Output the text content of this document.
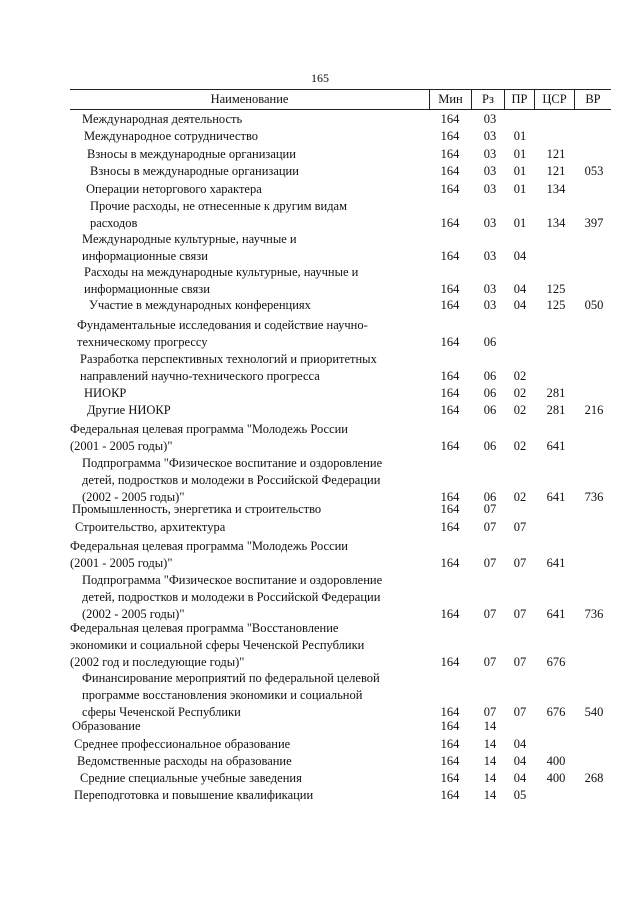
165
Наименование	Мин	Рз	ПР	ЦСР	ВР
Международная деятельность	164	03
Международное сотрудничество	164	03	01
Взносы в международные организации	164	03	01	121
Взносы в международные организации	164	03	01	121	053
Операции неторгового характера	164	03	01	134
Прочие расходы, не отнесенные к другим видам
расходов	164	03	01	134	397
Международные культурные, научные и
информационные связи	164	03	04
Расходы на международные культурные, научные и
информационные связи	164	03	04	125
Участие в международных конференциях	164	03	04	125	050
Фундаментальные исследования и содействие научно-
техническому прогрессу	164	06
Разработка перспективных технологий и приоритетных
направлений научно-технического прогресса	164	06	02
НИОКР	164	06	02	281
Другие НИОКР	164	06	02	281	216
Федеральная целевая программа "Молодежь России
(2001 - 2005 годы)"	164	06	02	641
Подпрограмма "Физическое воспитание и оздоровление
детей, подростков и молодежи в Российской Федерации
(2002 - 2005 годы)"	164	06	02	641	736
Промышленность, энергетика и строительство	164	07
Строительство, архитектура	164	07	07
Федеральная целевая программа "Молодежь России
(2001 - 2005 годы)"	164	07	07	641
Подпрограмма "Физическое воспитание и оздоровление
детей, подростков и молодежи в Российской Федерации
(2002 - 2005 годы)"	164	07	07	641	736
Федеральная целевая программа "Восстановление
экономики и социальной сферы Чеченской Республики
(2002 год и последующие годы)"	164	07	07	676
Финансирование мероприятий по федеральной целевой
программе восстановления экономики и социальной
сферы Чеченской Республики	164	07	07	676	540
Образование	164	14
Среднее профессиональное образование	164	14	04
Ведомственные расходы на образование	164	14	04	400
Средние специальные учебные заведения	164	14	04	400	268
Переподготовка и повышение квалификации	164	14	05
